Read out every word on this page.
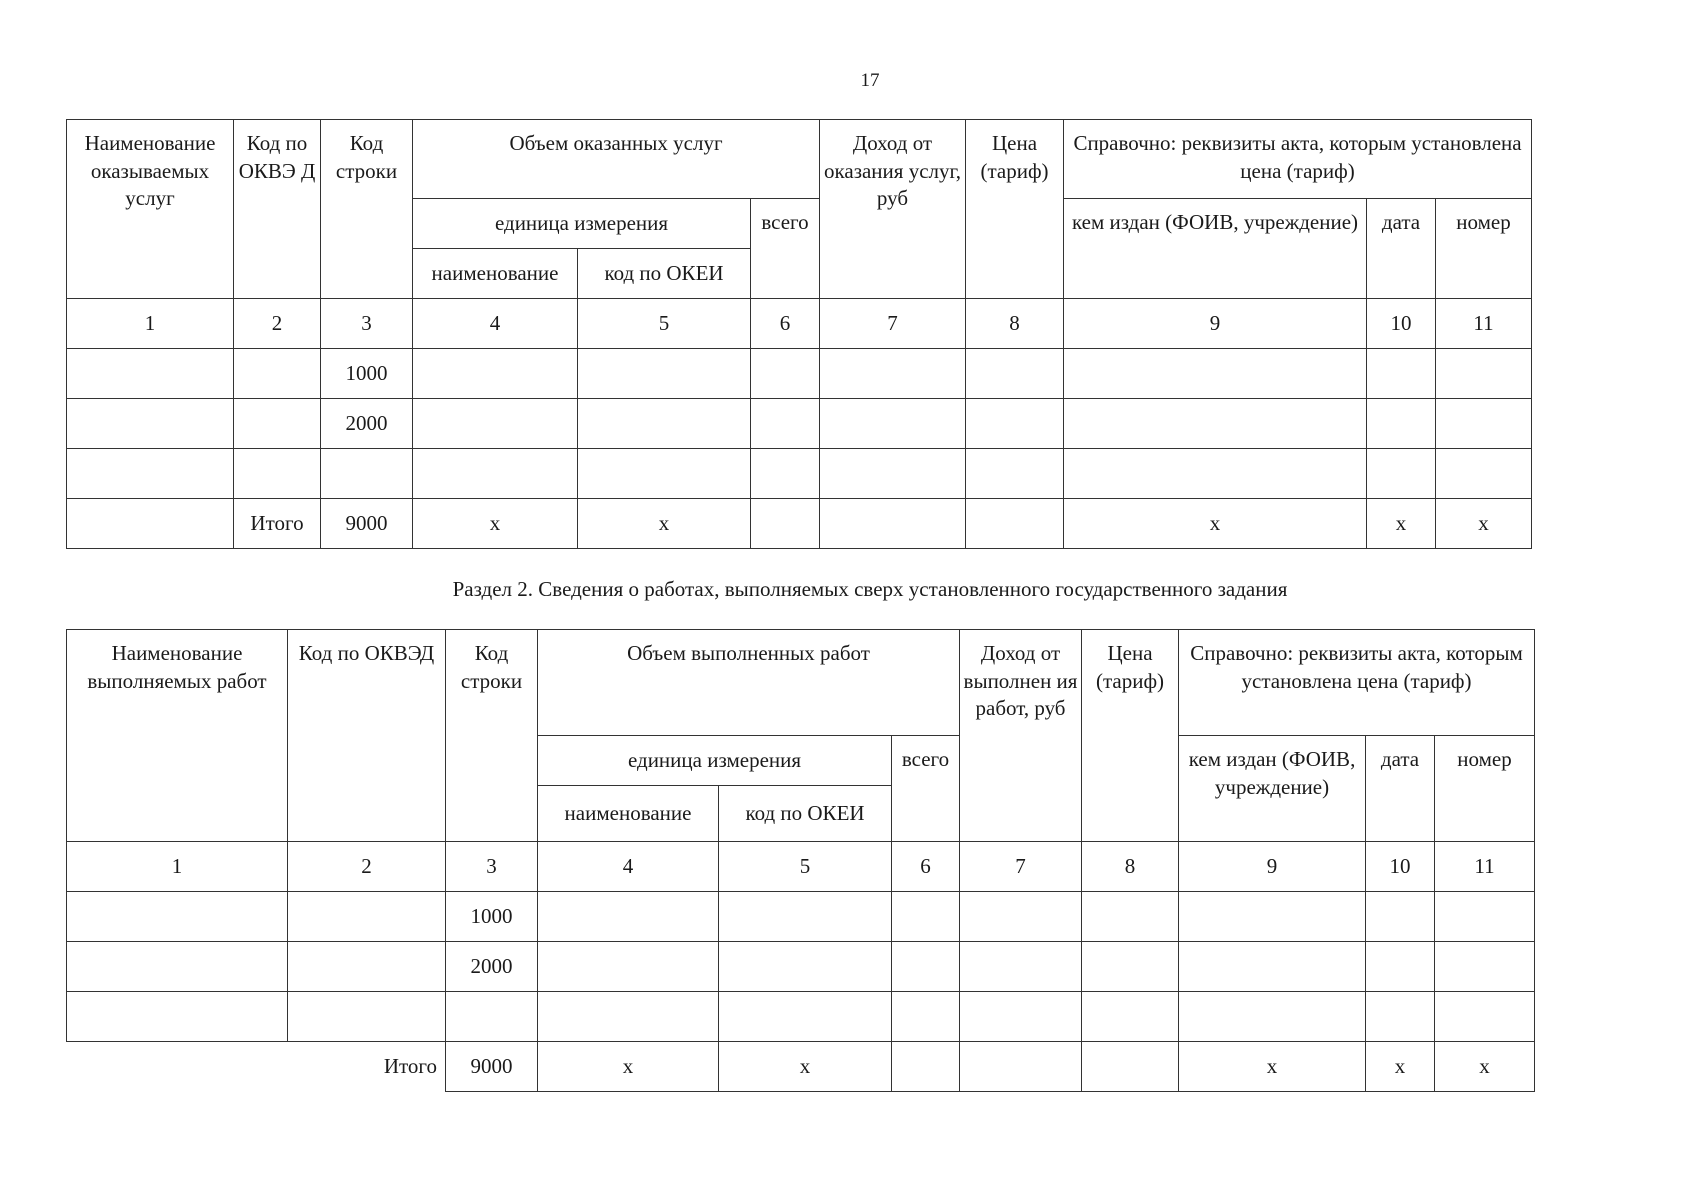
17
Наименование оказываемых услуг	Код по ОКВЭ Д	Код строки	Объем оказанных услуг			Доход от оказания услуг, руб	Цена (тариф)	Справочно: реквизиты акта, которым установлена цена (тариф)		
			единица измерения		всего			кем издан (ФОИВ, учреждение)	дата	номер
			наименование	код по ОКЕИ						
1	2	3	4	5	6	7	8	9	10	11
		1000								
		2000								

	Итого	9000	x	x				x	x	x
Раздел 2. Сведения о работах, выполняемых сверх установленного государственного задания
Наименование выполняемых работ	Код по ОКВЭД	Код строки	Объем выполненных работ			Доход от выполнен ия работ, руб	Цена (тариф)	Справочно: реквизиты акта, которым установлена цена (тариф)		
			единица измерения		всего			кем издан (ФОИВ, учреждение)	дата	номер
			наименование	код по ОКЕИ						
1	2	3	4	5	6	7	8	9	10	11
		1000								
		2000								

Итого		9000	x	x				x	x	x
